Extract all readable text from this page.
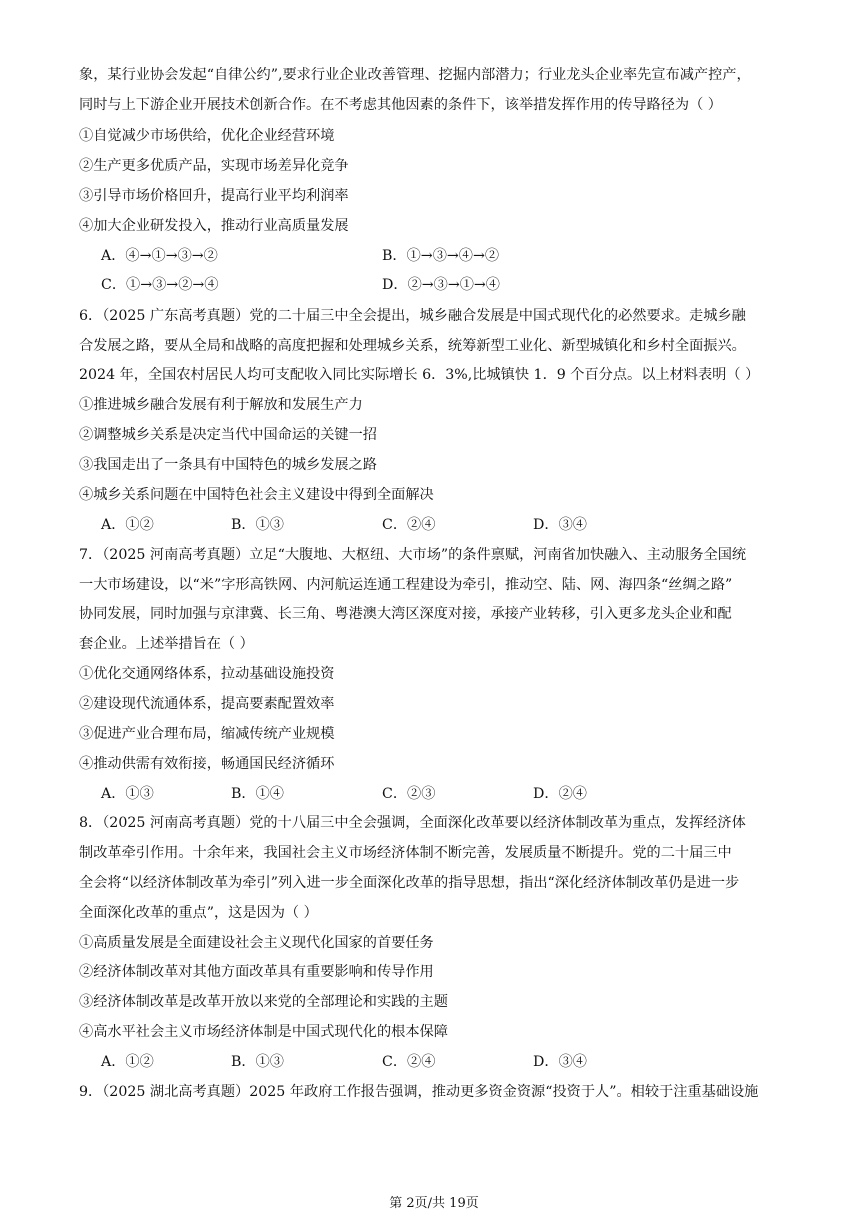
象，某行业协会发起“自律公约”,要求行业企业改善管理、挖掘内部潜力；行业龙头企业率先宣布减产控产，
同时与上下游企业开展技术创新合作。在不考虑其他因素的条件下，该举措发挥作用的传导路径为（ ）
①自觉减少市场供给，优化企业经营环境
②生产更多优质产品，实现市场差异化竞争
③引导市场价格回升，提高行业平均利润率
④加大企业研发投入，推动行业高质量发展
A．④→①→③→②	B．①→③→④→②
C．①→③→②→④	D．②→③→①→④
6．（2025 广东高考真题）党的二十届三中全会提出，城乡融合发展是中国式现代化的必然要求。走城乡融
合发展之路，要从全局和战略的高度把握和处理城乡关系，统筹新型工业化、新型城镇化和乡村全面振兴。
2024 年，全国农村居民人均可支配收入同比实际增长 6．3%,比城镇快 1．9 个百分点。以上材料表明（ ）
①推进城乡融合发展有利于解放和发展生产力
②调整城乡关系是决定当代中国命运的关键一招
③我国走出了一条具有中国特色的城乡发展之路
④城乡关系问题在中国特色社会主义建设中得到全面解决
A．①②	B．①③	C．②④	D．③④
7．（2025 河南高考真题）立足“大腹地、大枢纽、大市场”的条件禀赋，河南省加快融入、主动服务全国统
一大市场建设，以“米”字形高铁网、内河航运连通工程建设为牵引，推动空、陆、网、海四条“丝绸之路”
协同发展，同时加强与京津冀、长三角、粤港澳大湾区深度对接，承接产业转移，引入更多龙头企业和配
套企业。上述举措旨在（ ）
①优化交通网络体系，拉动基础设施投资
②建设现代流通体系，提高要素配置效率
③促进产业合理布局，缩减传统产业规模
④推动供需有效衔接，畅通国民经济循环
A．①③	B．①④	C．②③	D．②④
8．（2025 河南高考真题）党的十八届三中全会强调，全面深化改革要以经济体制改革为重点，发挥经济体
制改革牵引作用。十余年来，我国社会主义市场经济体制不断完善，发展质量不断提升。党的二十届三中
全会将“以经济体制改革为牵引”列入进一步全面深化改革的指导思想，指出“深化经济体制改革仍是进一步
全面深化改革的重点”，这是因为（ ）
①高质量发展是全面建设社会主义现代化国家的首要任务
②经济体制改革对其他方面改革具有重要影响和传导作用
③经济体制改革是改革开放以来党的全部理论和实践的主题
④高水平社会主义市场经济体制是中国式现代化的根本保障
A．①②	B．①③	C．②④	D．③④
9．（2025 湖北高考真题）2025 年政府工作报告强调，推动更多资金资源“投资于人”。相较于注重基础设施
第 2页/共 19页
